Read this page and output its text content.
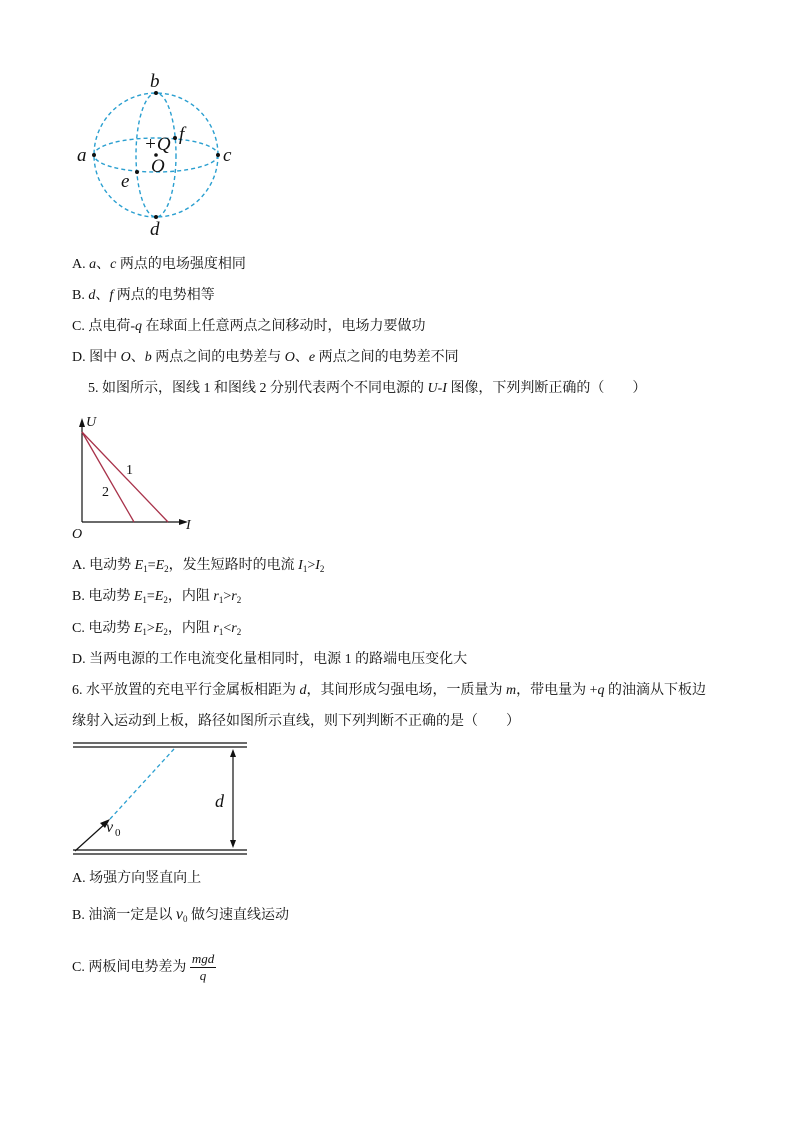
a	c
b
d
e
f
+Q
O
A. a、c 两点的电场强度相同
B. d、f 两点的电势相等
C. 点电荷-q 在球面上任意两点之间移动时，电场力要做功
D. 图中 O、b 两点之间的电势差与 O、e 两点之间的电势差不同
5. 如图所示，图线 1 和图线 2 分别代表两个不同电源的 U-I 图像，下列判断正确的（　　）
U
I
O
1
2
A. 电动势 $E_1=E_2$，发生短路时的电流 $I_1>I_2$
B. 电动势 $E_1=E_2$，内阻 $r_1>r_2$
C. 电动势 $E_1>E_2$，内阻 $r_1<r_2$
D. 当两电源的工作电流变化量相同时，电源 1 的路端电压变化大
6. 水平放置的充电平行金属板相距为 d，其间形成匀强电场，一质量为 m，带电量为 +q 的油滴从下板边
缘射入运动到上板，路径如图所示直线，则下列判断不正确的是（　　）
d
v 0
A. 场强方向竖直向上
B. 油滴一定是以 $v_0$ 做匀速直线运动
C. 两板间电势差为 $\frac{\text{mgd}}{q}$
